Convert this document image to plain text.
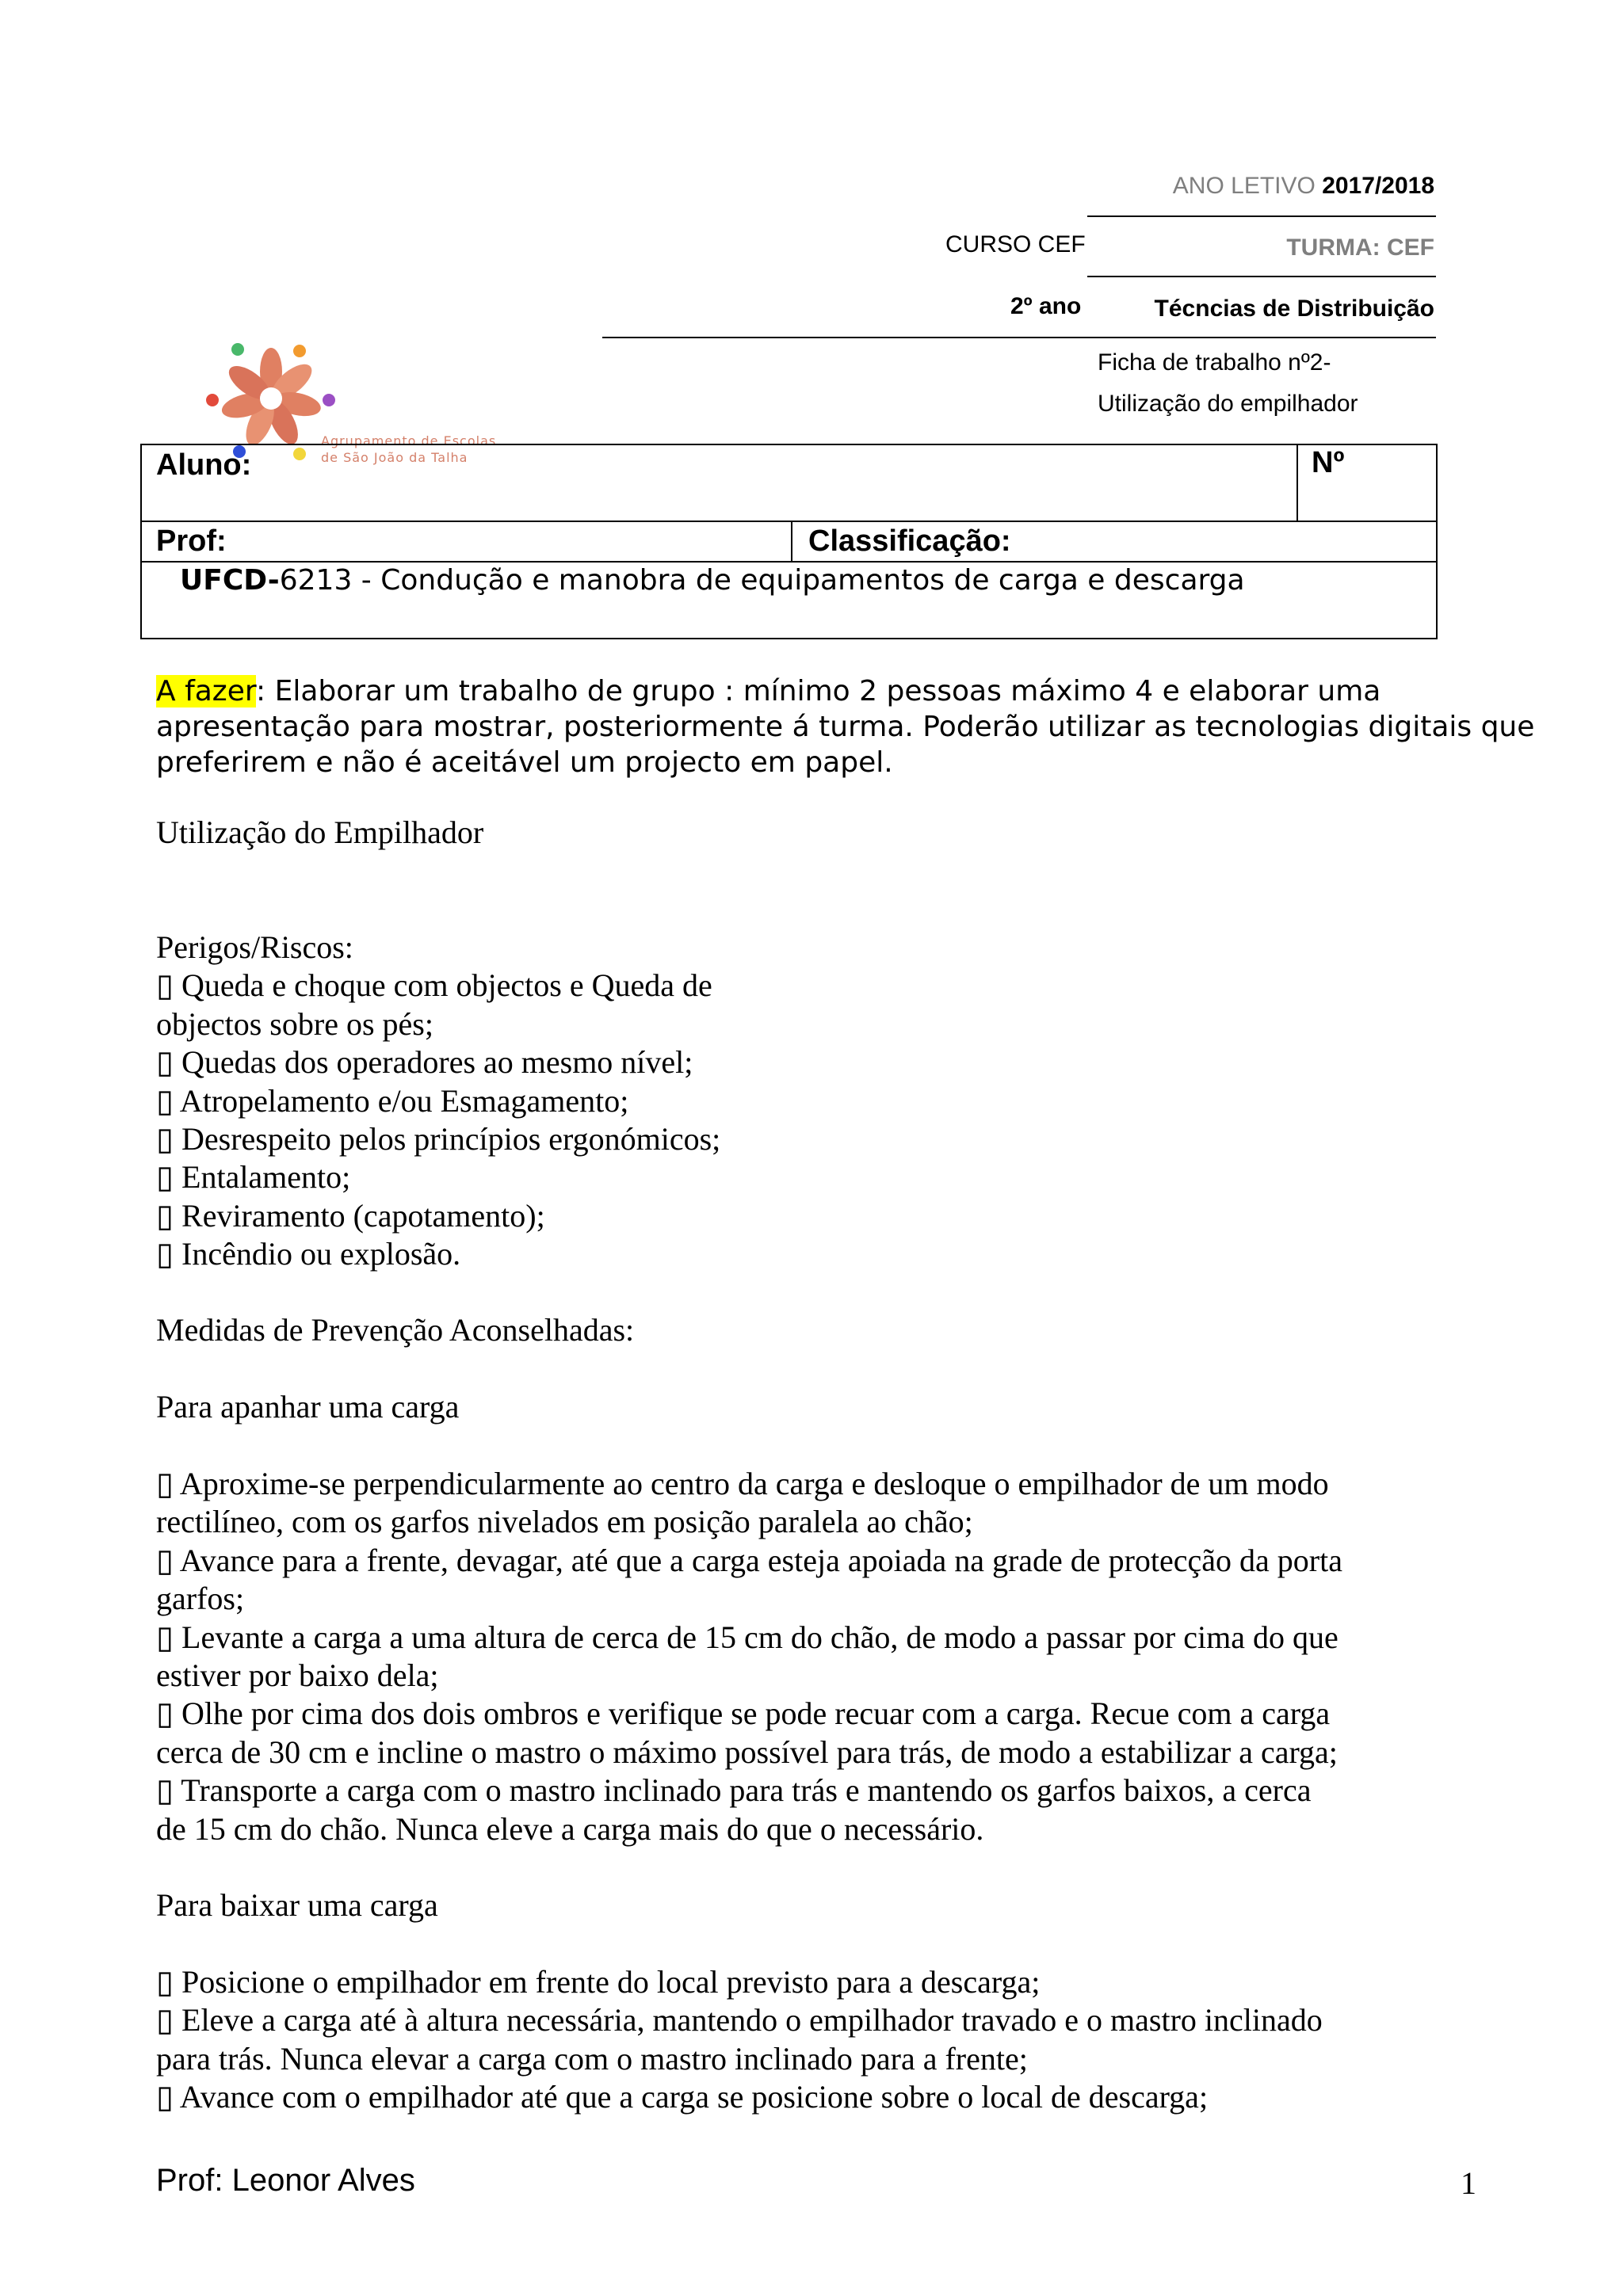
ANO LETIVO 2017/2018
CURSO CEF	TURMA: CEF
2º ano	Técncias de Distribuição
Ficha de trabalho nº2-
Utilização do empilhador
Agrupamento de Escolas
de São João da Talha
Aluno:	Nº
Prof:	Classificação:
UFCD-6213 - Condução e manobra de equipamentos de carga e descarga
A fazer: Elaborar um trabalho de grupo : mínimo 2 pessoas máximo 4 e elaborar uma
apresentação para mostrar, posteriormente á turma. Poderão utilizar as tecnologias digitais que
preferirem e não é aceitável um projecto em papel.
Utilização do Empilhador
Perigos/Riscos:
▯ Queda e choque com objectos e Queda de
objectos sobre os pés;
▯ Quedas dos operadores ao mesmo nível;
▯ Atropelamento e/ou Esmagamento;
▯ Desrespeito pelos princípios ergonómicos;
▯ Entalamento;
▯ Reviramento (capotamento);
▯ Incêndio ou explosão.
Medidas de Prevenção Aconselhadas:
Para apanhar uma carga
▯ Aproxime-se perpendicularmente ao centro da carga e desloque o empilhador de um modo
rectilíneo, com os garfos nivelados em posição paralela ao chão;
▯ Avance para a frente, devagar, até que a carga esteja apoiada na grade de protecção da porta
garfos;
▯ Levante a carga a uma altura de cerca de 15 cm do chão, de modo a passar por cima do que
estiver por baixo dela;
▯ Olhe por cima dos dois ombros e verifique se pode recuar com a carga. Recue com a carga
cerca de 30 cm e incline o mastro o máximo possível para trás, de modo a estabilizar a carga;
▯ Transporte a carga com o mastro inclinado para trás e mantendo os garfos baixos, a cerca
de 15 cm do chão. Nunca eleve a carga mais do que o necessário.
Para baixar uma carga
▯ Posicione o empilhador em frente do local previsto para a descarga;
▯ Eleve a carga até à altura necessária, mantendo o empilhador travado e o mastro inclinado
para trás. Nunca elevar a carga com o mastro inclinado para a frente;
▯ Avance com o empilhador até que a carga se posicione sobre o local de descarga;
Prof: Leonor Alves	1
